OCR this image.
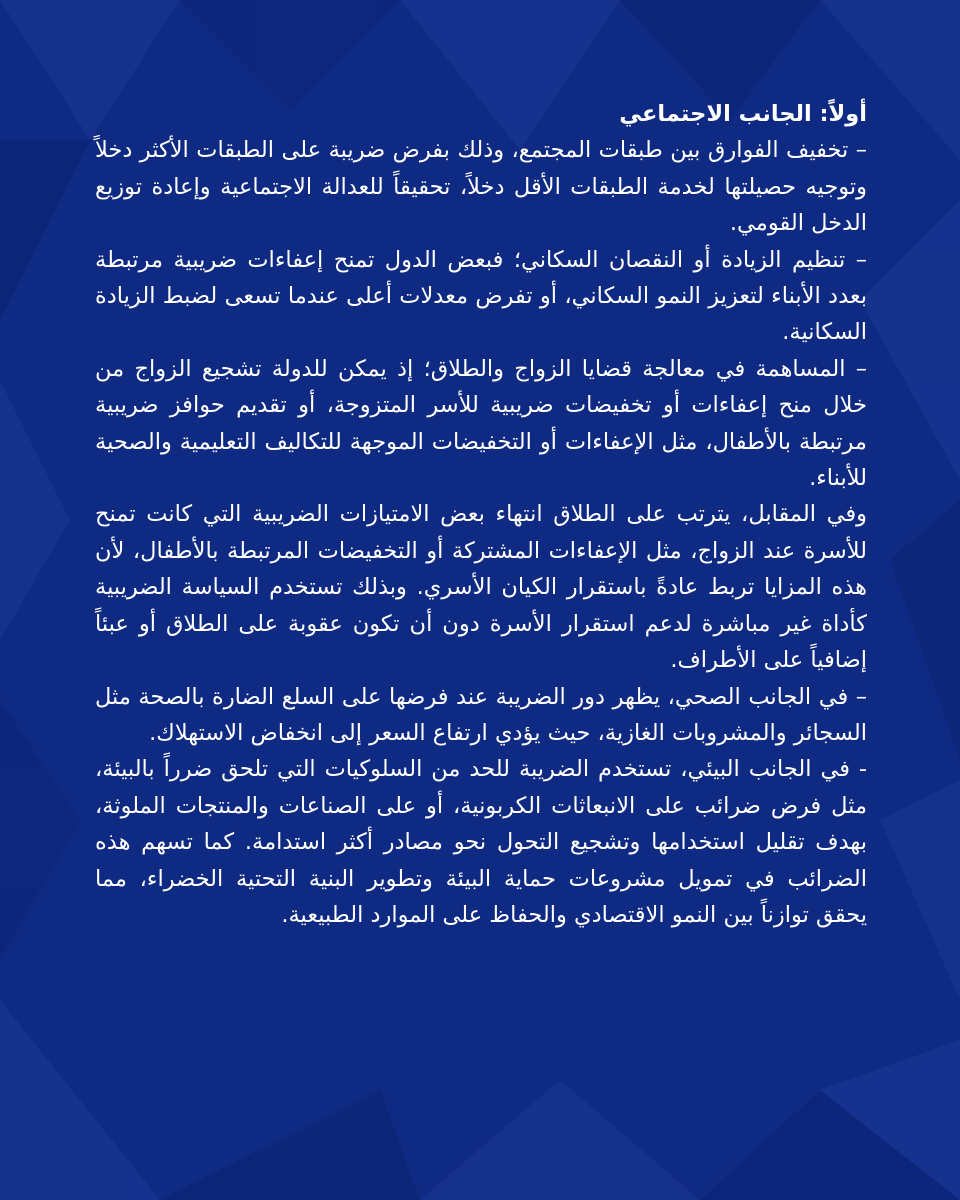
أولاً: الجانب الاجتماعي

– تخفيف الفوارق بين طبقات المجتمع، وذلك بفرض ضريبة على الطبقات الأكثر دخلاً وتوجيه حصيلتها لخدمة الطبقات الأقل دخلاً، تحقيقاً للعدالة الاجتماعية وإعادة توزيع الدخل القومي.

– تنظيم الزيادة أو النقصان السكاني؛ فبعض الدول تمنح إعفاءات ضريبية مرتبطة بعدد الأبناء لتعزيز النمو السكاني، أو تفرض معدلات أعلى عندما تسعى لضبط الزيادة السكانية.

– المساهمة في معالجة قضايا الزواج والطلاق؛ إذ يمكن للدولة تشجيع الزواج من خلال منح إعفاءات أو تخفيضات ضريبية للأسر المتزوجة، أو تقديم حوافز ضريبية مرتبطة بالأطفال، مثل الإعفاءات أو التخفيضات الموجهة للتكاليف التعليمية والصحية للأبناء.

وفي المقابل، يترتب على الطلاق انتهاء بعض الامتيازات الضريبية التي كانت تمنح للأسرة عند الزواج، مثل الإعفاءات المشتركة أو التخفيضات المرتبطة بالأطفال، لأن هذه المزايا تربط عادةً باستقرار الكيان الأسري. وبذلك تستخدم السياسة الضريبية كأداة غير مباشرة لدعم استقرار الأسرة دون أن تكون عقوبة على الطلاق أو عبئاً إضافياً على الأطراف.

– في الجانب الصحي، يظهر دور الضريبة عند فرضها على السلع الضارة بالصحة مثل السجائر والمشروبات الغازية، حيث يؤدي ارتفاع السعر إلى انخفاض الاستهلاك.

- في الجانب البيئي، تستخدم الضريبة للحد من السلوكيات التي تلحق ضرراً بالبيئة، مثل فرض ضرائب على الانبعاثات الكربونية، أو على الصناعات والمنتجات الملوثة، بهدف تقليل استخدامها وتشجيع التحول نحو مصادر أكثر استدامة. كما تسهم هذه الضرائب في تمويل مشروعات حماية البيئة وتطوير البنية التحتية الخضراء، مما يحقق توازناً بين النمو الاقتصادي والحفاظ على الموارد الطبيعية.
